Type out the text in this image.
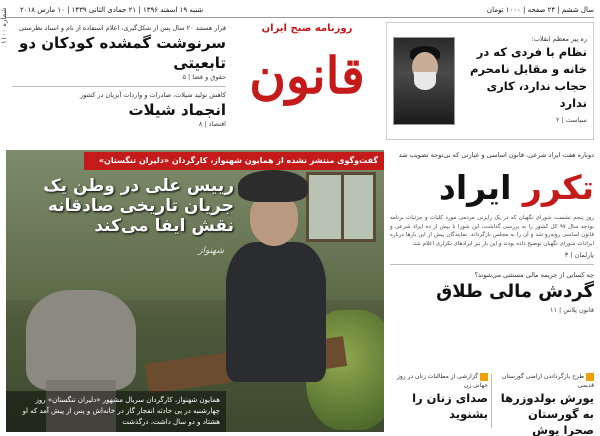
شنبه ۱۹ اسفند ۱۳۹۶ | ۲۱ جمادی الثانی ۱۴۳۹ | ۱۰ مارس ۲۰۱۸	سال ششم | ۲۴ صفحه | ۱۰۰۰ تومان
شماره ۱۱۰۰	قرار هستند ۲۰ سال پس از شکل‌گیری، اعلام استفاده از نام و اسناد نظرستی
سرنوشت گمشده کودکان دو تابعیتی
حقوق و قضا | ۵
کاهش تولید شیلات، صادرات و واردات آبزیان در کشور
انجماد شیلات
اقتصاد | ۸
روزنامه صبح ایران
قانون
ره پیر معظم انقلاب:
نظام با فردی که در خانه و مقابل نامحرم حجاب ندارد، کاری ندارد
سیاست | ۲
گفت‌وگوی منتشر نشده از همایون شهنواز، کارگردان «دلیران تنگستان»
رییس علی در وطن یک جریان تاریخی صادقانه نقش ایفا می‌کند
شهنواز
همایون شهنواز، کارگردان سریال مشهور «دلیران تنگستان» روز چهارشنبه در پی حادثه انفجار گاز در خانه‌اش و پس از پیش آمد که او هشتاد و دو سال داشت، درگذشت
دوباره هفت ایراد شرعی، قانون اساسی و عبارتی که بی‌توجه تصویب شد
تکرر ایراد
روز پنجم نشست شورای نگهبان که در یک رایزنی مردمی مورد کلیات و جزئیات برنامه بودجه سال ۹۷ کل کشور را به بررسی گذاشت، این شورا با بیش از ده ایراد شرعی و قانون اساسی روبه‌رو شد و آن را به مجلس بازگرداند. نمایندگان پیش از این بارها درباره ایرادات شورای نگهبان توضیح داده بودند و این بار نیز ایرادهای تکراری اعلام شد.
پارلمان | ۳
چه کسانی از جریمه مالی مستثنی می‌شوند؟
گردش مالی طلاق
قانون پلاس | ۱۱
طرح بازگرداندن اراضی گورستان قدیمی
یورش بولدوزرها به گورستان صحرا یوش
گزارشی از مطالبات زنان در روز جهانی زن
صدای زنان را بشنوید
